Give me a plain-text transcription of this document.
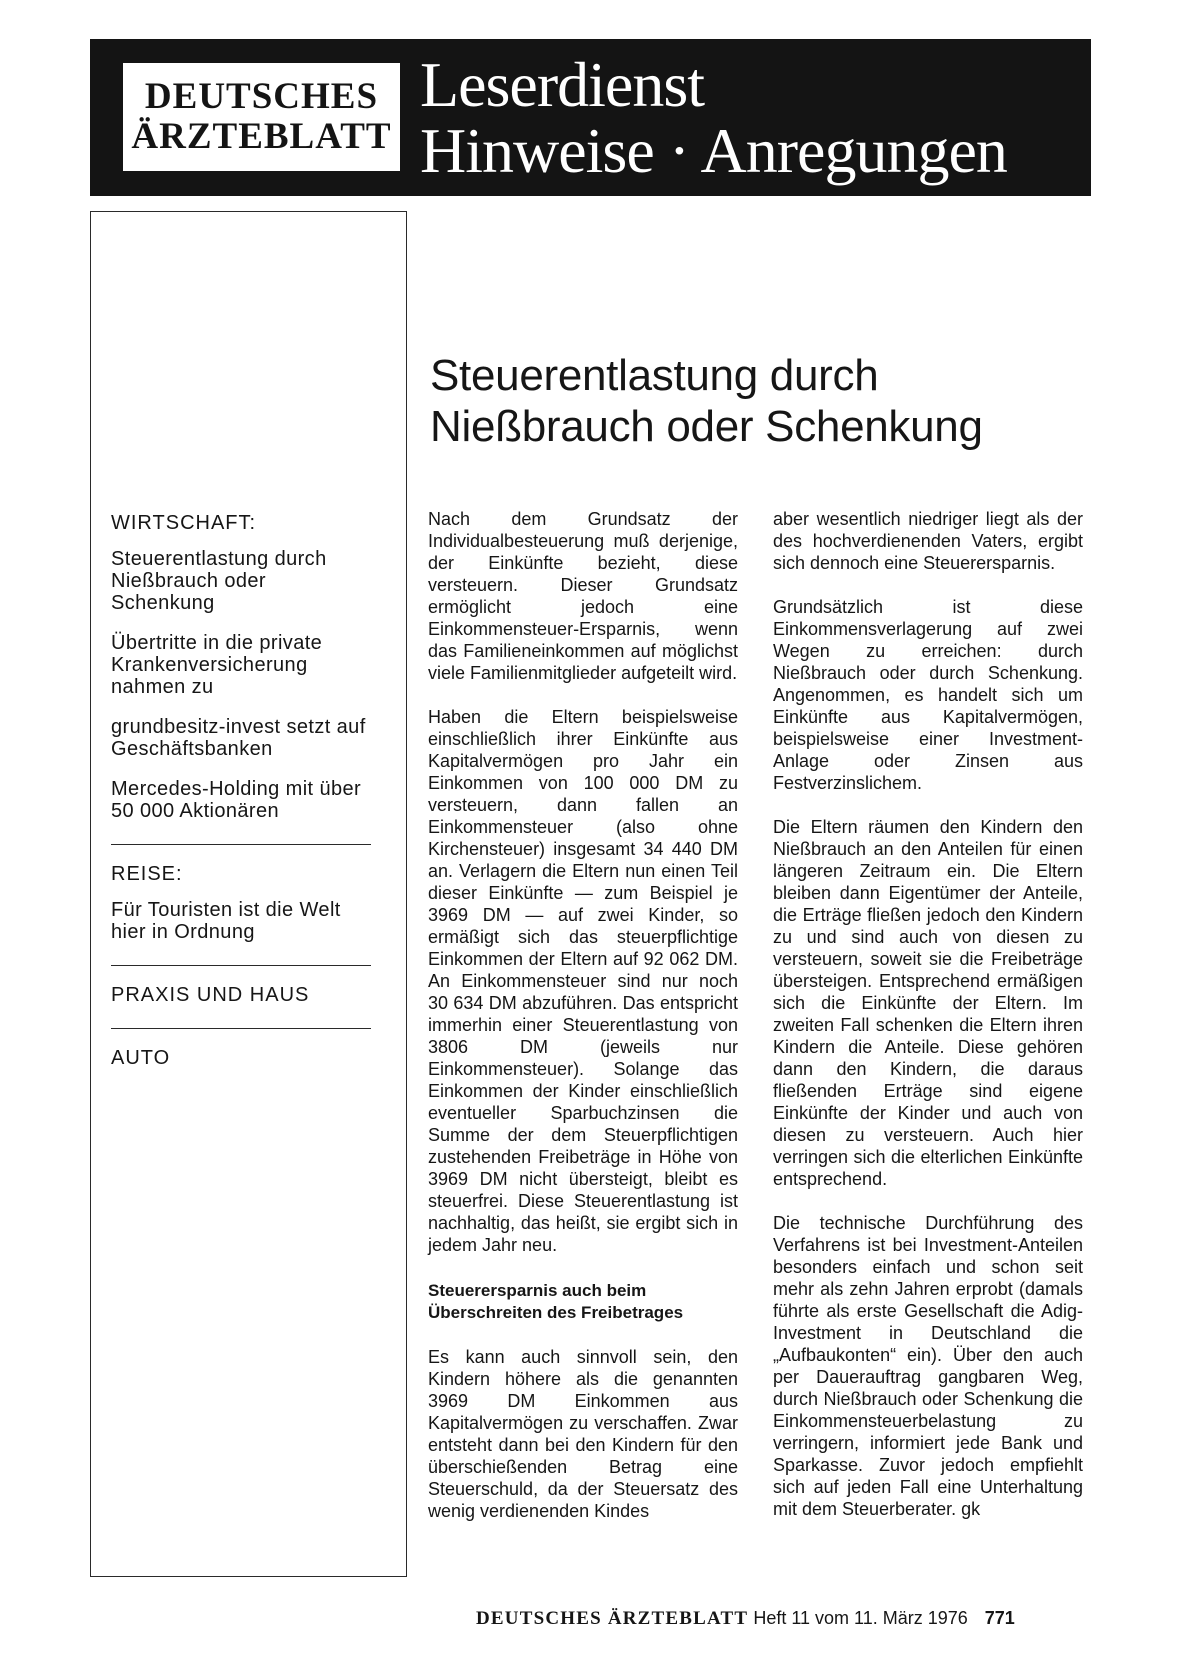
DEUTSCHES
ÄRZTEBLATT
Leserdienst
Hinweise · Anregungen
WIRTSCHAFT:
Steuerentlastung durch Nießbrauch oder Schenkung
Übertritte in die private Krankenversicherung nahmen zu
grundbesitz-invest setzt auf Geschäftsbanken
Mercedes-Holding mit über 50 000 Aktionären
REISE:
Für Touristen ist die Welt hier in Ordnung
PRAXIS UND HAUS
AUTO
Steuerentlastung durch
Nießbrauch oder Schenkung

Nach dem Grundsatz der Individualbesteuerung muß derjenige, der Einkünfte bezieht, diese versteuern. Dieser Grundsatz ermöglicht jedoch eine Einkommensteuer-Ersparnis, wenn das Familieneinkommen auf möglichst viele Familienmitglieder aufgeteilt wird.

Haben die Eltern beispielsweise einschließlich ihrer Einkünfte aus Kapitalvermögen pro Jahr ein Einkommen von 100 000 DM zu versteuern, dann fallen an Einkommensteuer (also ohne Kirchensteuer) insgesamt 34 440 DM an. Verlagern die Eltern nun einen Teil dieser Einkünfte — zum Beispiel je 3969 DM — auf zwei Kinder, so ermäßigt sich das steuerpflichtige Einkommen der Eltern auf 92 062 DM. An Einkommensteuer sind nur noch 30 634 DM abzuführen. Das entspricht immerhin einer Steuerentlastung von 3806 DM (jeweils nur Einkommensteuer). Solange das Einkommen der Kinder einschließlich eventueller Sparbuchzinsen die Summe der dem Steuerpflichtigen zustehenden Freibeträge in Höhe von 3969 DM nicht übersteigt, bleibt es steuerfrei. Diese Steuerentlastung ist nachhaltig, das heißt, sie ergibt sich in jedem Jahr neu.

Steuerersparnis auch beim Überschreiten des Freibetrages

Es kann auch sinnvoll sein, den Kindern höhere als die genannten 3969 DM Einkommen aus Kapitalvermögen zu verschaffen. Zwar entsteht dann bei den Kindern für den überschießenden Betrag eine Steuerschuld, da der Steuersatz des wenig verdienenden Kindes

aber wesentlich niedriger liegt als der des hochverdienenden Vaters, ergibt sich dennoch eine Steuerersparnis.

Grundsätzlich ist diese Einkommensverlagerung auf zwei Wegen zu erreichen: durch Nießbrauch oder durch Schenkung. Angenommen, es handelt sich um Einkünfte aus Kapitalvermögen, beispielsweise einer Investment-Anlage oder Zinsen aus Festverzinslichem.

Die Eltern räumen den Kindern den Nießbrauch an den Anteilen für einen längeren Zeitraum ein. Die Eltern bleiben dann Eigentümer der Anteile, die Erträge fließen jedoch den Kindern zu und sind auch von diesen zu versteuern, soweit sie die Freibeträge übersteigen. Entsprechend ermäßigen sich die Einkünfte der Eltern. Im zweiten Fall schenken die Eltern ihren Kindern die Anteile. Diese gehören dann den Kindern, die daraus fließenden Erträge sind eigene Einkünfte der Kinder und auch von diesen zu versteuern. Auch hier verringen sich die elterlichen Einkünfte entsprechend.

Die technische Durchführung des Verfahrens ist bei Investment-Anteilen besonders einfach und schon seit mehr als zehn Jahren erprobt (damals führte als erste Gesellschaft die Adig-Investment in Deutschland die „Aufbaukonten“ ein). Über den auch per Dauerauftrag gangbaren Weg, durch Nießbrauch oder Schenkung die Einkommensteuerbelastung zu verringern, informiert jede Bank und Sparkasse. Zuvor jedoch empfiehlt sich auf jeden Fall eine Unterhaltung mit dem Steuerberater. gk

DEUTSCHES ÄRZTEBLATT Heft 11 vom 11. März 1976 771
